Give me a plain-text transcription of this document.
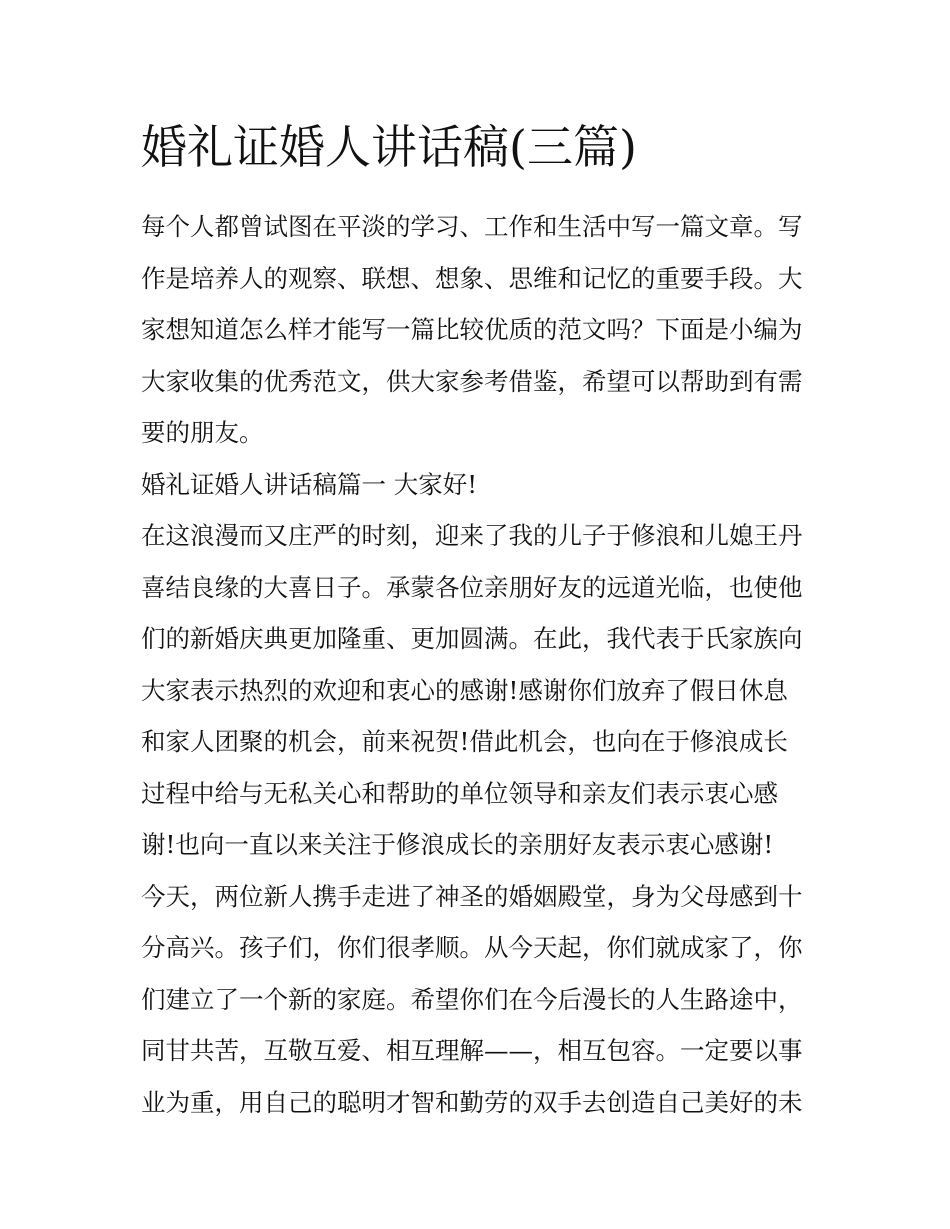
婚礼证婚人讲话稿(三篇)
每个人都曾试图在平淡的学习、工作和生活中写一篇文章。写
作是培养人的观察、联想、想象、思维和记忆的重要手段。大
家想知道怎么样才能写一篇比较优质的范文吗？下面是小编为
大家收集的优秀范文，供大家参考借鉴，希望可以帮助到有需
要的朋友。
婚礼证婚人讲话稿篇一 大家好!
在这浪漫而又庄严的时刻，迎来了我的儿子于修浪和儿媳王丹
喜结良缘的大喜日子。承蒙各位亲朋好友的远道光临，也使他
们的新婚庆典更加隆重、更加圆满。在此，我代表于氏家族向
大家表示热烈的欢迎和衷心的感谢!感谢你们放弃了假日休息
和家人团聚的机会，前来祝贺!借此机会，也向在于修浪成长
过程中给与无私关心和帮助的单位领导和亲友们表示衷心感
谢!也向一直以来关注于修浪成长的亲朋好友表示衷心感谢!
今天，两位新人携手走进了神圣的婚姻殿堂，身为父母感到十
分高兴。孩子们，你们很孝顺。从今天起，你们就成家了，你
们建立了一个新的家庭。希望你们在今后漫长的人生路途中，
同甘共苦，互敬互爱、相互理解——，相互包容。一定要以事
业为重，用自己的聪明才智和勤劳的双手去创造自己美好的未
